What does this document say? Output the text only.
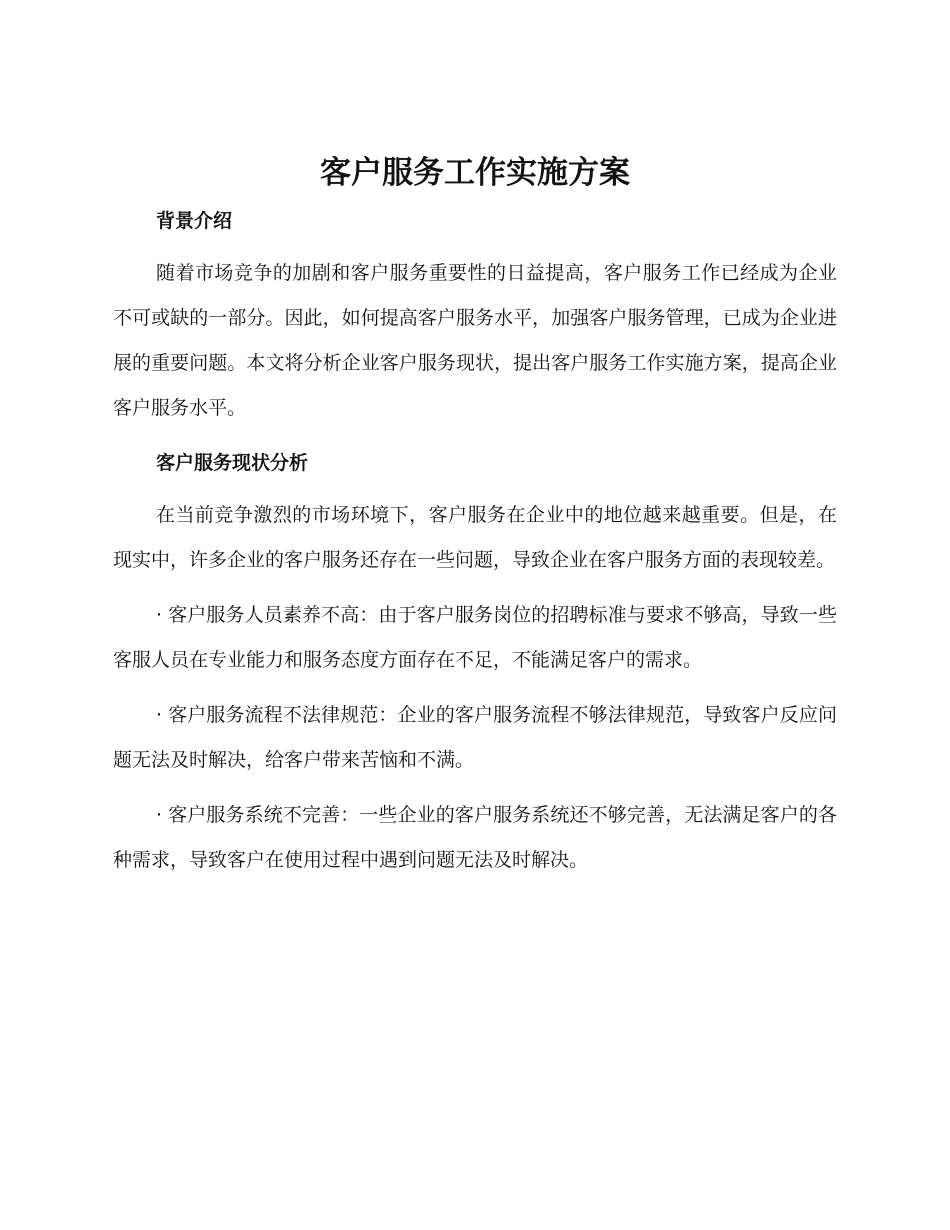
客户服务工作实施方案
背景介绍

随着市场竞争的加剧和客户服务重要性的日益提高，客户服务工作已经成为企业不可或缺的一部分。因此，如何提高客户服务水平，加强客户服务管理，已成为企业进展的重要问题。本文将分析企业客户服务现状，提出客户服务工作实施方案，提高企业客户服务水平。

客户服务现状分析

在当前竞争激烈的市场环境下，客户服务在企业中的地位越来越重要。但是，在现实中，许多企业的客户服务还存在一些问题，导致企业在客户服务方面的表现较差。

· 客户服务人员素养不高：由于客户服务岗位的招聘标准与要求不够高，导致一些客服人员在专业能力和服务态度方面存在不足，不能满足客户的需求。

· 客户服务流程不法律规范：企业的客户服务流程不够法律规范，导致客户反应问题无法及时解决，给客户带来苦恼和不满。

· 客户服务系统不完善：一些企业的客户服务系统还不够完善，无法满足客户的各种需求，导致客户在使用过程中遇到问题无法及时解决。
